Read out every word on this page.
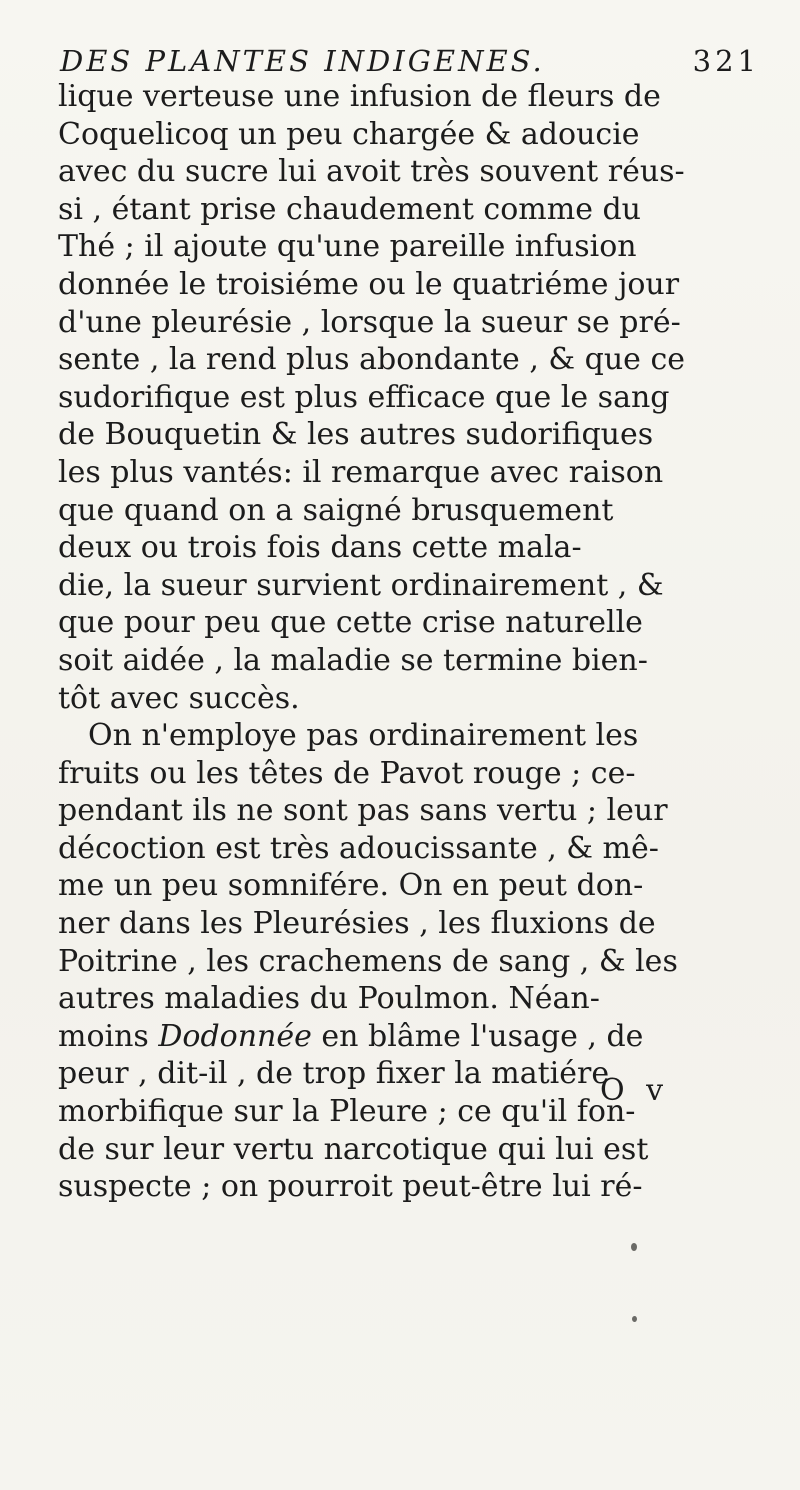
DES PLANTES INDIGENES.	321
lique verteuse une infusion de fleurs de
Coquelicoq un peu chargée & adoucie
avec du sucre lui avoit très souvent réus-
si , étant prise chaudement comme du
Thé ; il ajoute qu'une pareille infusion
donnée le troisiéme ou le quatriéme jour
d'une pleurésie , lorsque la sueur se pré-
sente , la rend plus abondante , & que ce
sudorifique est plus efficace que le sang
de Bouquetin & les autres sudorifiques
les plus vantés: il remarque avec raison
que quand on a saigné brusquement
deux ou trois fois dans cette mala-
die, la sueur survient ordinairement , &
que pour peu que cette crise naturelle
soit aidée , la maladie se termine bien-
tôt avec succès.
On n'employe pas ordinairement les
fruits ou les têtes de Pavot rouge ; ce-
pendant ils ne sont pas sans vertu ; leur
décoction est très adoucissante , & mê-
me un peu somnifére. On en peut don-
ner dans les Pleurésies , les fluxions de
Poitrine , les crachemens de sang , & les
autres maladies du Poulmon. Néan-
moins Dodonnée en blâme l'usage , de
peur , dit-il , de trop fixer la matiére
morbifique sur la Pleure ; ce qu'il fon-
de sur leur vertu narcotique qui lui est
suspecte ; on pourroit peut-être lui ré-
O v
